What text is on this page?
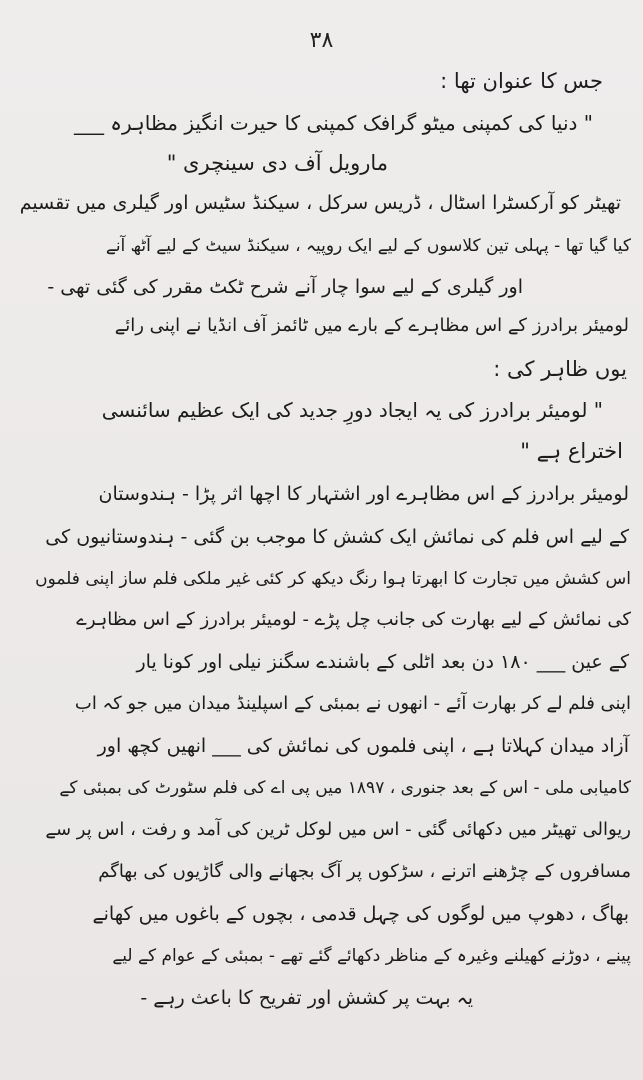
۳۸
جس کا عنوان تھا :
" دنیا کی کمپنی میٹو گرافک کمپنی کا حیرت انگیز مظاہرہ ___
مارویل آف دی سینچری "
تھیٹر کو آرکسٹرا اسٹال ، ڈریس سرکل ، سیکنڈ سٹیس اور گیلری میں تقسیم
کیا گیا تھا - پہلی تین کلاسوں کے لیے ایک روپیہ ، سیکنڈ سیٹ کے لیے آٹھ آنے
اور گیلری کے لیے سوا چار آنے شرح ٹکٹ مقرر کی گئی تھی -
لومیئر برادرز کے اس مظاہرے کے بارے میں ٹائمز آف انڈیا نے اپنی رائے
یوں ظاہر کی :
" لومیئر برادرز کی یہ ایجاد دورِ جدید کی ایک عظیم سائنسی
اختراع ہے "
لومیئر برادرز کے اس مظاہرے اور اشتہار کا اچھا اثر پڑا - ہندوستان
کے لیے اس فلم کی نمائش ایک کشش کا موجب بن گئی - ہندوستانیوں کی
اس کشش میں تجارت کا ابھرتا ہوا رنگ دیکھ کر کئی غیر ملکی فلم ساز اپنی فلموں
کی نمائش کے لیے بھارت کی جانب چل پڑے - لومیئر برادرز کے اس مظاہرے
کے عین ___ ۱۸۰ دن بعد اٹلی کے باشندے سگنز نیلی اور کونا یار
اپنی فلم لے کر بھارت آئے - انھوں نے بمبئی کے اسپلینڈ میدان میں جو کہ اب
آزاد میدان کہلاتا ہے ، اپنی فلموں کی نمائش کی ___ انھیں کچھ اور
کامیابی ملی - اس کے بعد جنوری ، ۱۸۹۷ میں پی اے کی فلم سٹورٹ کی بمبئی کے
ریوالی تھیٹر میں دکھائی گئی - اس میں لوکل ٹرین کی آمد و رفت ، اس پر سے
مسافروں کے چڑھنے اترنے ، سڑکوں پر آگ بجھانے والی گاڑیوں کی بھاگم
بھاگ ، دھوپ میں لوگوں کی چہل قدمی ، بچوں کے باغوں میں کھانے
پینے ، دوڑنے کھیلنے وغیرہ کے مناظر دکھائے گئے تھے - بمبئی کے عوام کے لیے
یہ بہت پر کشش اور تفریح کا باعث رہے -
